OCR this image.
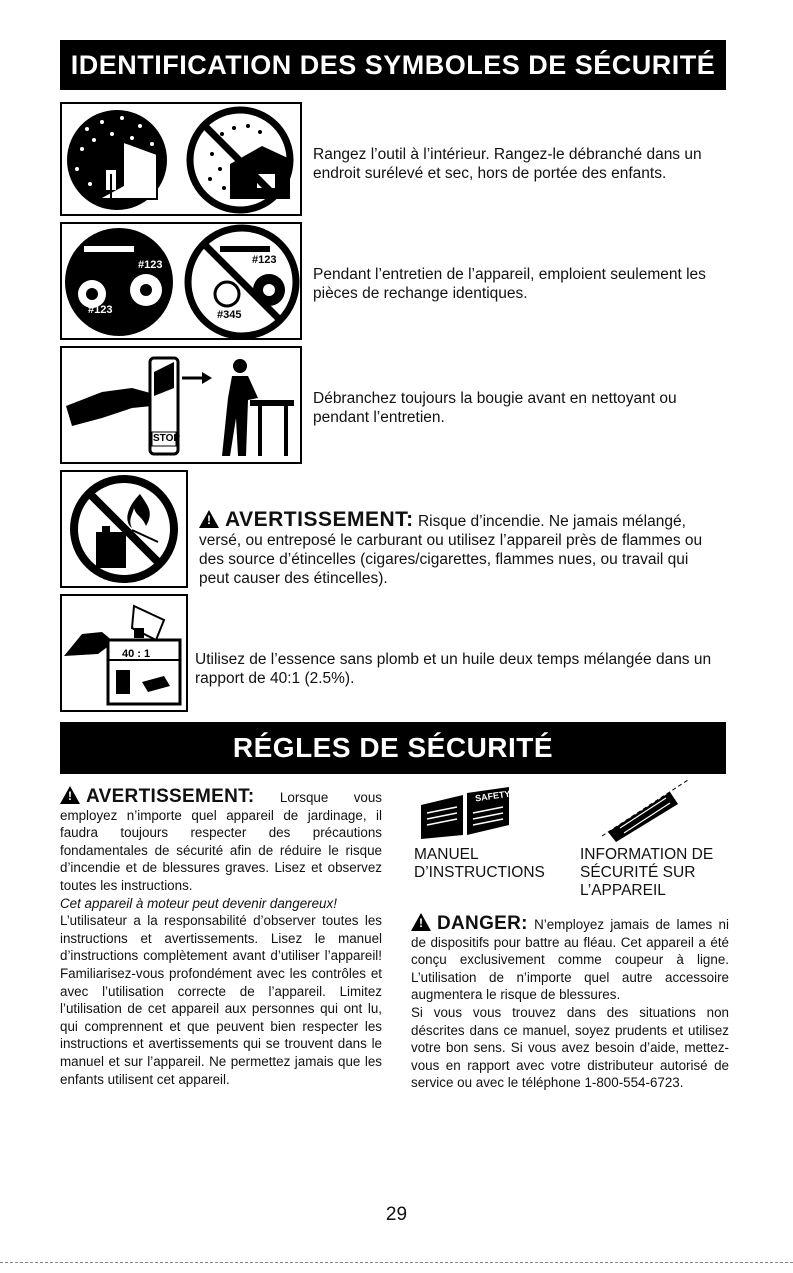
IDENTIFICATION DES SYMBOLES DE SÉCURITÉ
Rangez l’outil à l’intérieur. Rangez-le débranché dans un endroit surélevé et sec, hors de portée des enfants.
#123
#123
#123
#345
Pendant l’entretien de l’appareil, emploient seulement les pièces de rechange identiques.
STOP
Débranchez toujours la bougie avant en nettoyant ou pendant l’entretien.
!AVERTISSEMENT: Risque d’incendie. Ne jamais mélangé, versé, ou entreposé le carburant ou utilisez l’appareil près de flammes ou des source d’étincelles (cigares/cigarettes, flammes nues, ou travail qui peut causer des étincelles).
40 : 1	Utilisez de l’essence sans plomb et un huile deux temps mélangée dans un rapport de 40:1 (2.5%).
RÉGLES DE SÉCURITÉ

!AVERTISSEMENT: Lorsque vous employez n’importe quel appareil de jardinage, il faudra toujours respecter des précautions fondamentales de sécurité afin de réduire le risque d’incendie et de blessures graves. Lisez et observez toutes les instructions.

Cet appareil à moteur peut devenir dangereux!

L’utilisateur a la responsabilité d’observer toutes les instructions et avertissements. Lisez le manuel d’instructions complètement avant d’utiliser l’appareil! Familiarisez-vous profondément avec les contrôles et avec l’utilisation correcte de l’appareil. Limitez l’utilisation de cet appareil aux personnes qui ont lu, qui comprennent et que peuvent bien respecter les instructions et avertissements qui se trouvent dans le manuel et sur l’appareil. Ne permettez jamais que les enfants utilisent cet appareil.

SAFETY
MANUEL
D’INSTRUCTIONS
INFORMATION DE
SÉCURITÉ SUR
L’APPAREIL

!DANGER: N’employez jamais de lames ni de dispositifs pour battre au fléau. Cet appareil a été conçu exclusivement comme coupeur à ligne. L’utilisation de n’importe quel autre accessoire augmentera le risque de blessures.

Si vous vous trouvez dans des situations non déscrites dans ce manuel, soyez prudents et utilisez votre bon sens. Si vous avez besoin d’aide, mettez-vous en rapport avec votre distributeur autorisé de service ou avec le téléphone 1-800-554-6723.

29
